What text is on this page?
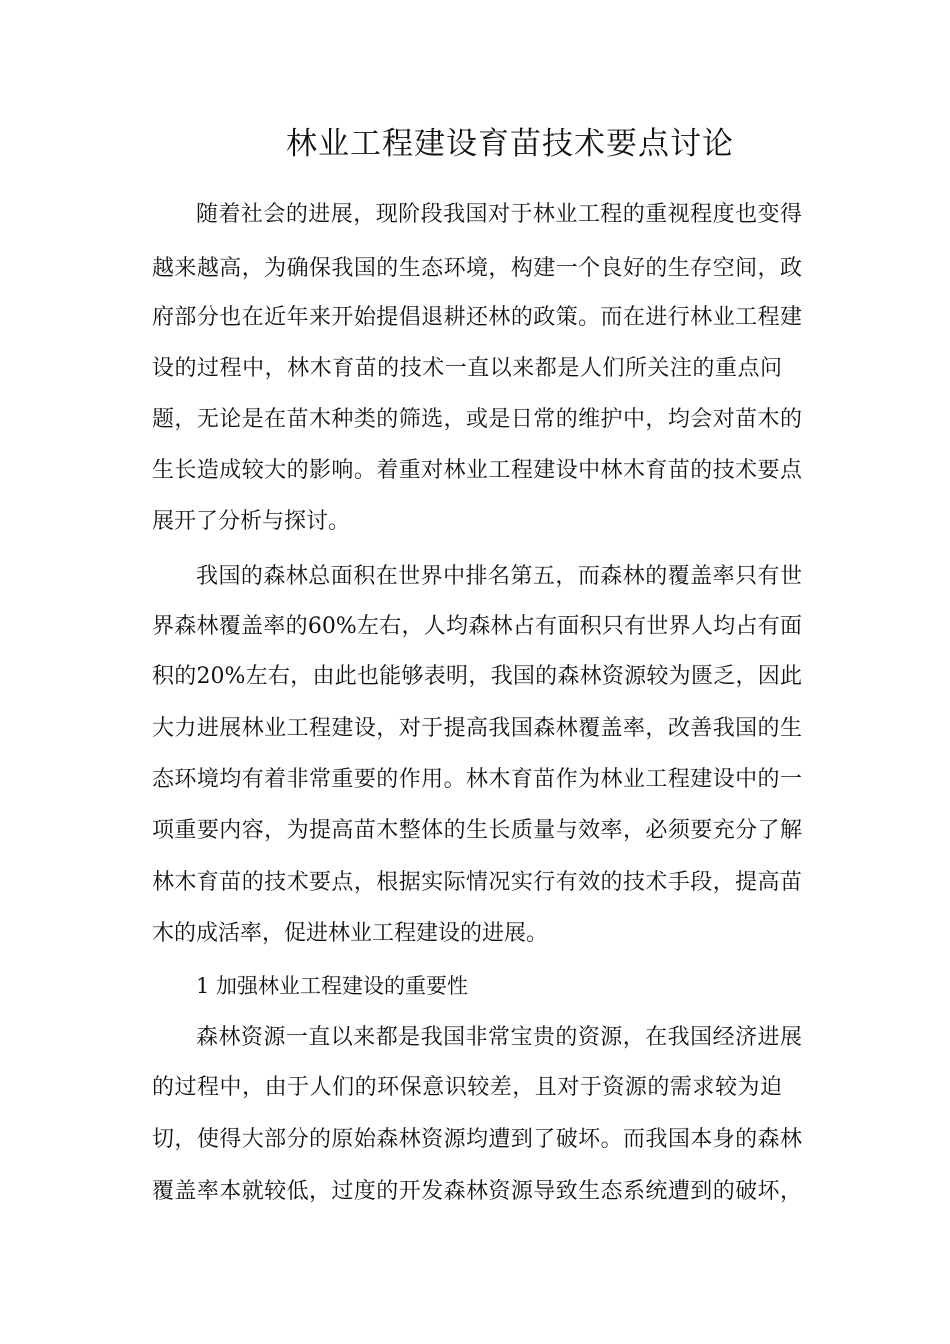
林业工程建设育苗技术要点讨论
随着社会的进展，现阶段我国对于林业工程的重视程度也变得
越来越高，为确保我国的生态环境，构建一个良好的生存空间，政
府部分也在近年来开始提倡退耕还林的政策。而在进行林业工程建
设的过程中，林木育苗的技术一直以来都是人们所关注的重点问
题，无论是在苗木种类的筛选，或是日常的维护中，均会对苗木的
生长造成较大的影响。着重对林业工程建设中林木育苗的技术要点
展开了分析与探讨。
我国的森林总面积在世界中排名第五，而森林的覆盖率只有世
界森林覆盖率的60%左右，人均森林占有面积只有世界人均占有面
积的20%左右，由此也能够表明，我国的森林资源较为匮乏，因此
大力进展林业工程建设，对于提高我国森林覆盖率，改善我国的生
态环境均有着非常重要的作用。林木育苗作为林业工程建设中的一
项重要内容，为提高苗木整体的生长质量与效率，必须要充分了解
林木育苗的技术要点，根据实际情况实行有效的技术手段，提高苗
木的成活率，促进林业工程建设的进展。
1 加强林业工程建设的重要性
森林资源一直以来都是我国非常宝贵的资源，在我国经济进展
的过程中，由于人们的环保意识较差，且对于资源的需求较为迫
切，使得大部分的原始森林资源均遭到了破坏。而我国本身的森林
覆盖率本就较低，过度的开发森林资源导致生态系统遭到的破坏，
